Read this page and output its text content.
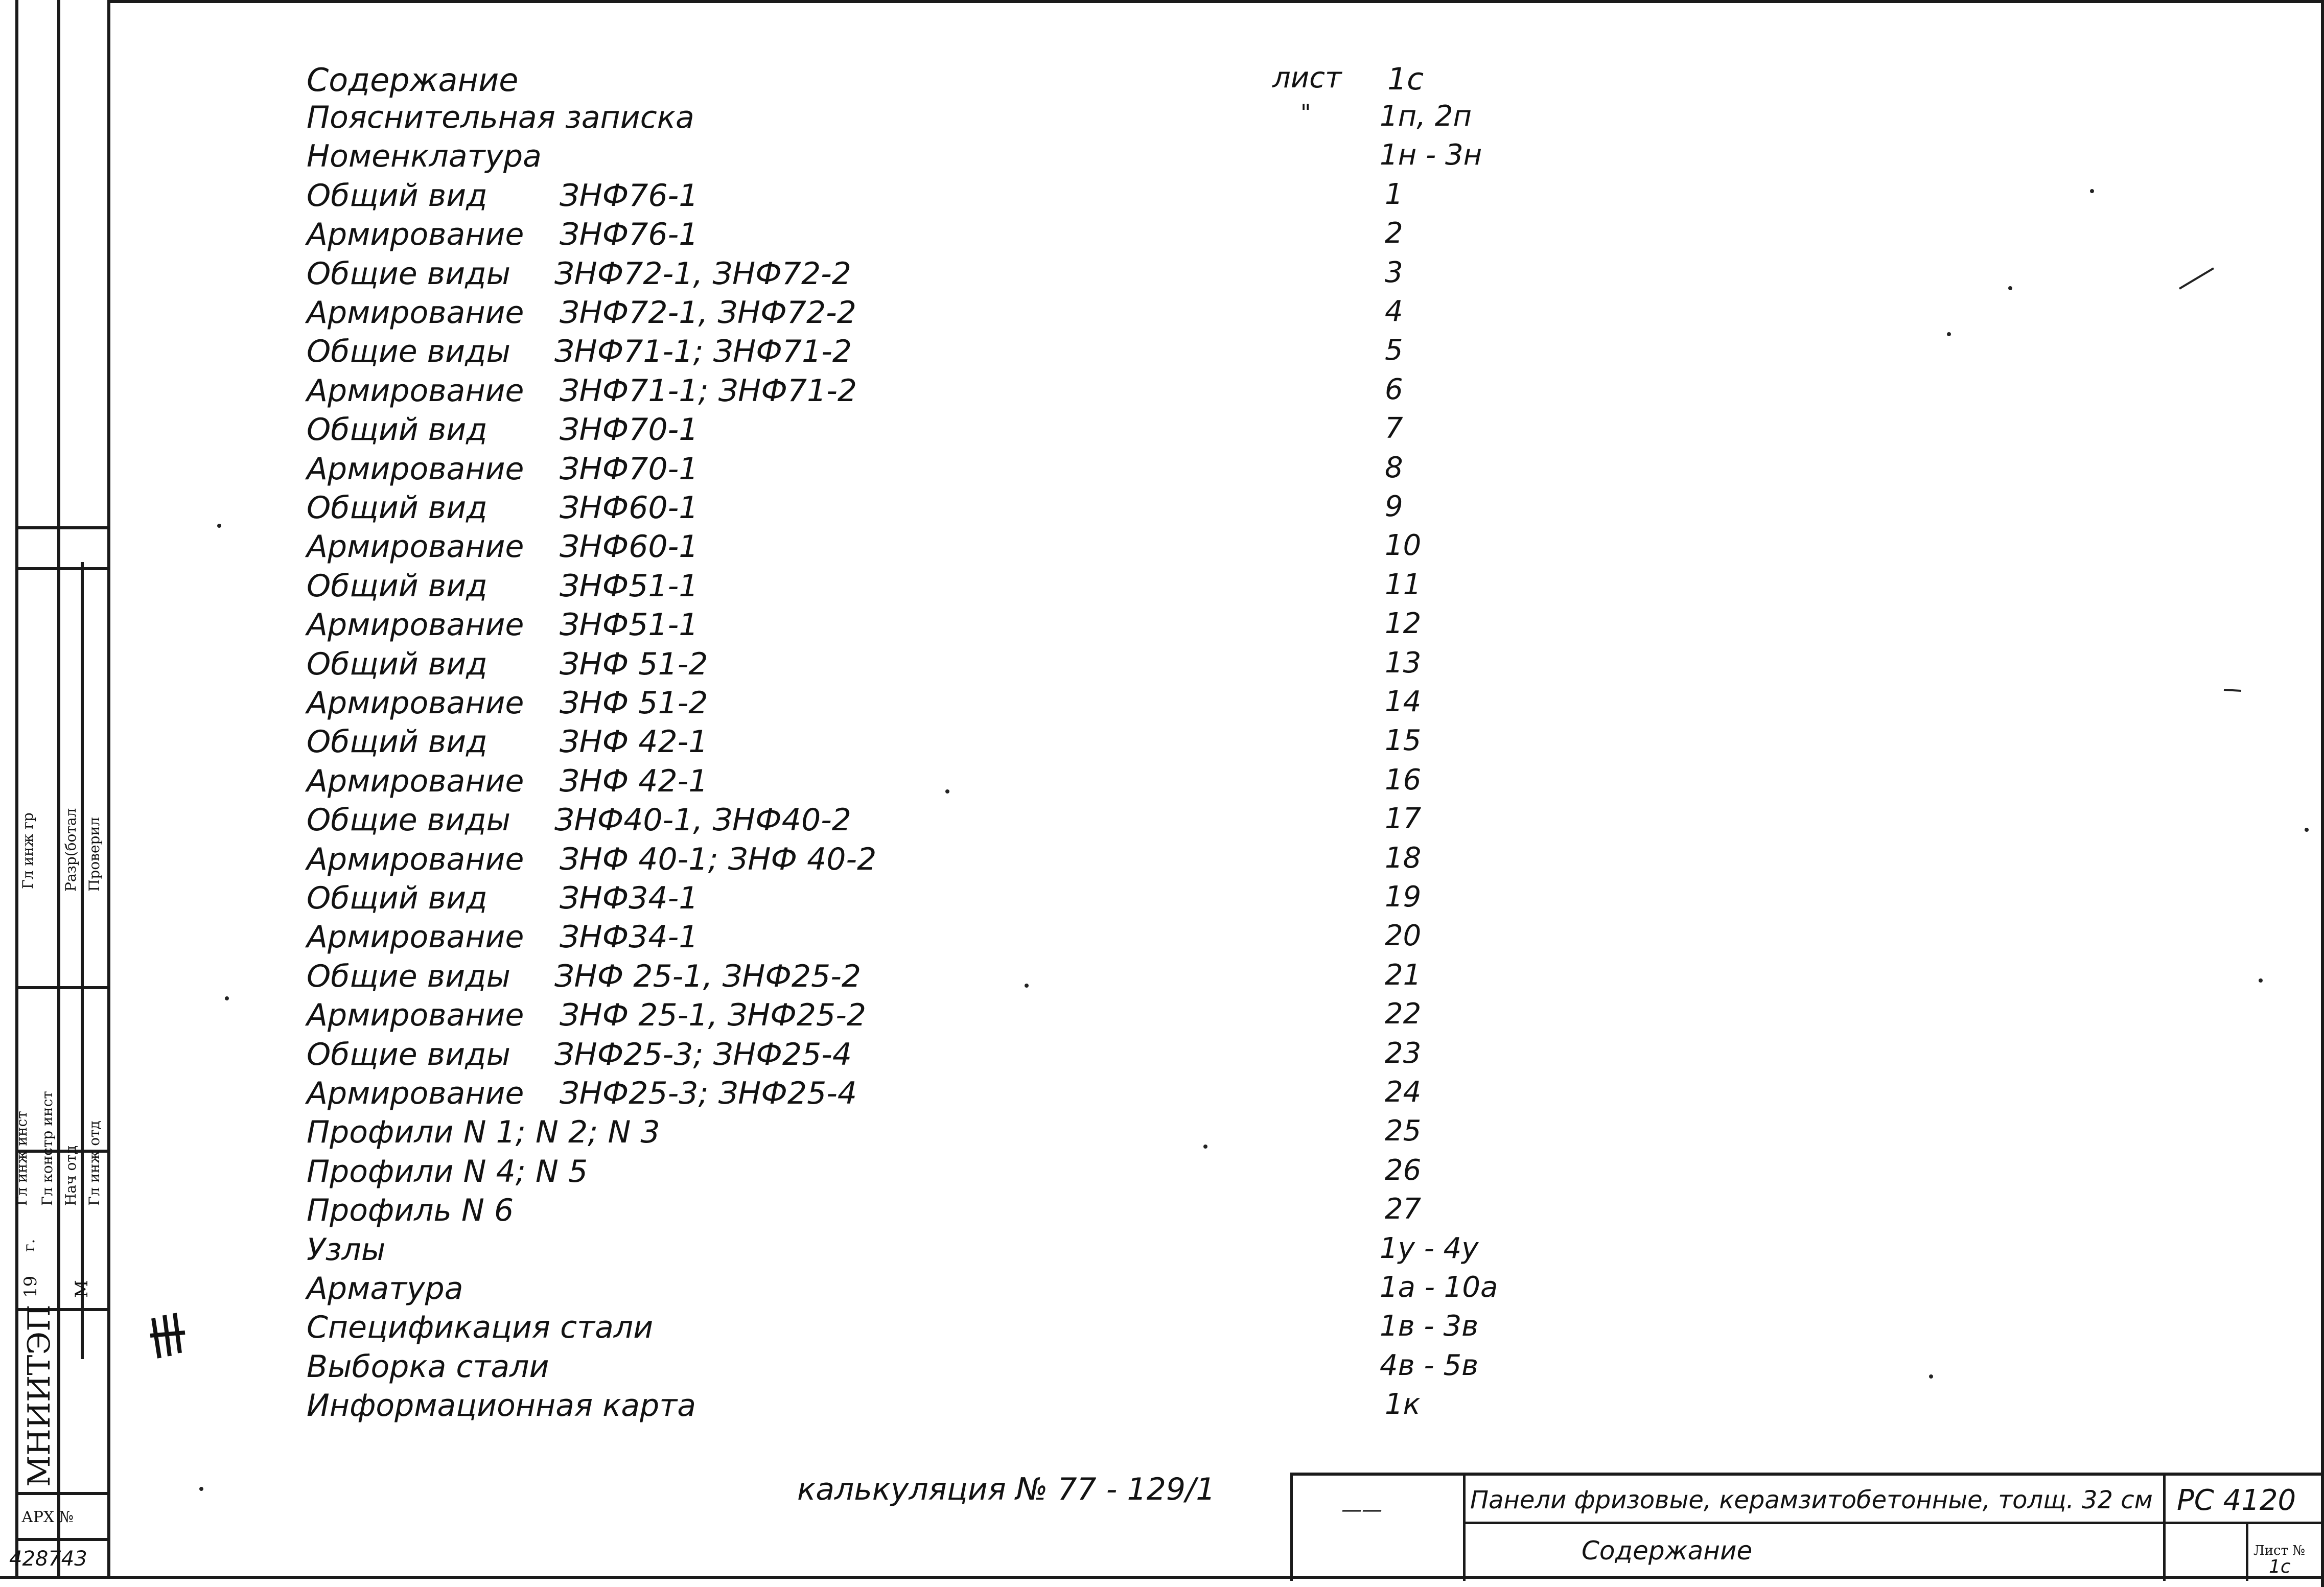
Гл инж гр Разр(ботал Проверил
Гл инж инст Гл констр инст Нач отд Гл инж отд
19
г.
М
МНИИТЭП
АРХ №
428743
Содержание	лист 1с
Пояснительная записка	" 1п, 2п
Номенклатура	1н - 3н
Общий вид ЗНФ76-1	1
Армирование ЗНФ76-1	2
Общие виды ЗНФ72-1, ЗНФ72-2	3
Армирование ЗНФ72-1, ЗНФ72-2	4
Общие виды ЗНФ71-1; ЗНФ71-2	5
Армирование ЗНФ71-1; ЗНФ71-2	6
Общий вид ЗНФ70-1	7
Армирование ЗНФ70-1	8
Общий вид ЗНФ60-1	9
Армирование ЗНФ60-1	10
Общий вид ЗНФ51-1	11
Армирование ЗНФ51-1	12
Общий вид ЗНФ 51-2	13
Армирование ЗНФ 51-2	14
Общий вид ЗНФ 42-1	15
Армирование ЗНФ 42-1	16
Общие виды ЗНФ40-1, ЗНФ40-2	17
Армирование ЗНФ 40-1; ЗНФ 40-2	18
Общий вид ЗНФ34-1	19
Армирование ЗНФ34-1	20
Общие виды ЗНФ 25-1, ЗНФ25-2	21
Армирование ЗНФ 25-1, ЗНФ25-2	22
Общие виды ЗНФ25-3; ЗНФ25-4	23
Армирование ЗНФ25-3; ЗНФ25-4	24
Профили N 1; N 2; N 3	25
Профили N 4; N 5	26
Профиль N 6	27
Узлы	1у - 4у
Арматура	1а - 10а
Спецификация стали	1в - 3в
Выборка стали	4в - 5в
Информационная карта	1к
калькуляция № 77 - 129/1
——	Панели фризовые, керамзитобетонные, толщ. 32 см РС 4120
Содержание	Лист №
1с
